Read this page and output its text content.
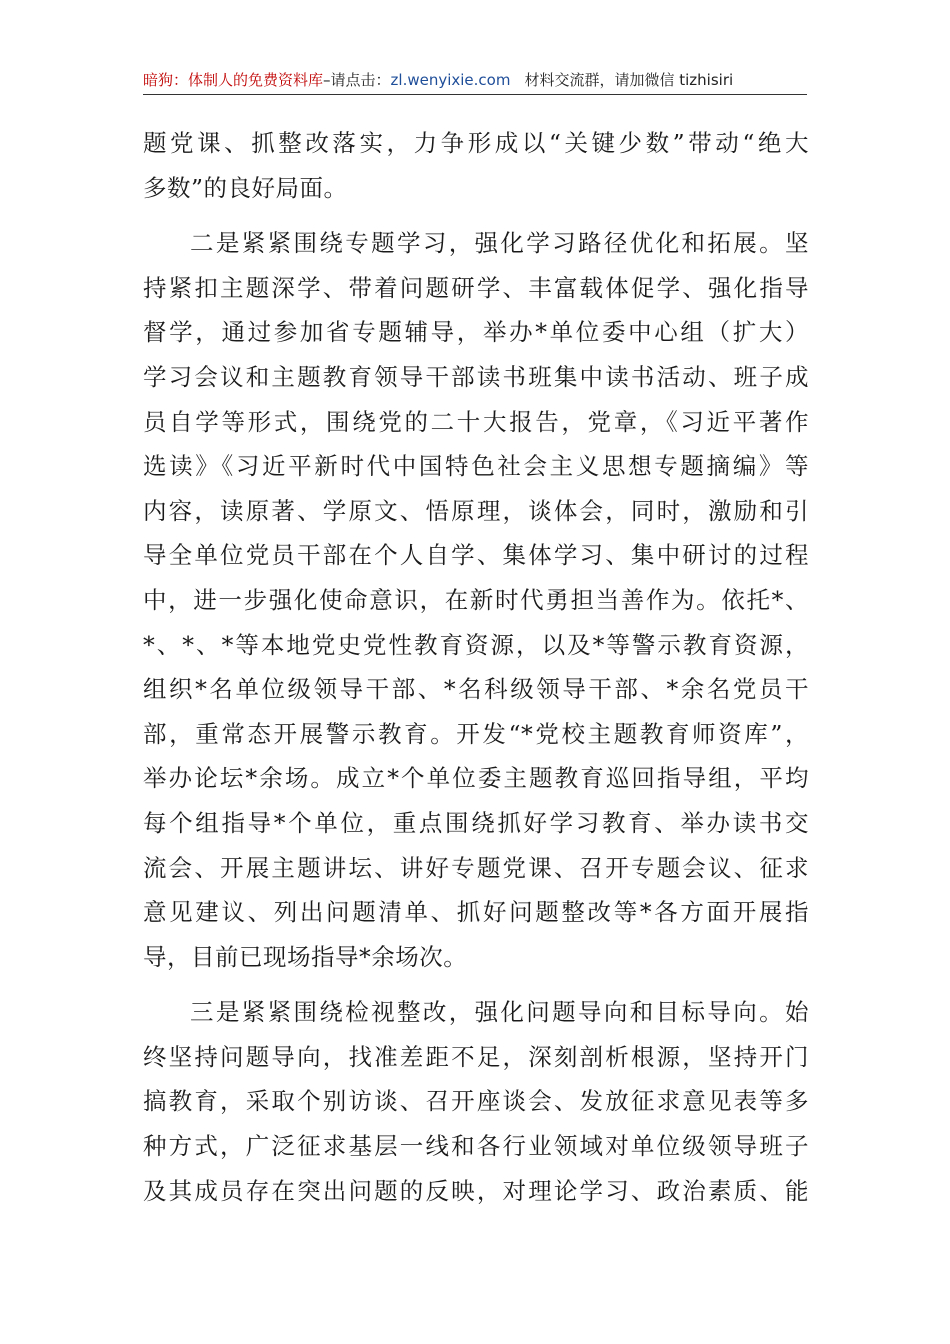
暗狗：体制人的免费资料库–请点击：zl.wenyixie.com 材料交流群，请加微信 tizhisiri
题党课、抓整改落实，力争形成以“关键少数”带动“绝大
多数”的良好局面。
二是紧紧围绕专题学习，强化学习路径优化和拓展。坚
持紧扣主题深学、带着问题研学、丰富载体促学、强化指导
督学，通过参加省专题辅导，举办*单位委中心组（扩大）
学习会议和主题教育领导干部读书班集中读书活动、班子成
员自学等形式，围绕党的二十大报告，党章，《习近平著作
选读》《习近平新时代中国特色社会主义思想专题摘编》等
内容，读原著、学原文、悟原理，谈体会，同时，激励和引
导全单位党员干部在个人自学、集体学习、集中研讨的过程
中，进一步强化使命意识，在新时代勇担当善作为。依托*、
*、*、*等本地党史党性教育资源，以及*等警示教育资源，
组织*名单位级领导干部、*名科级领导干部、*余名党员干
部，重常态开展警示教育。开发“*党校主题教育师资库”，
举办论坛*余场。成立*个单位委主题教育巡回指导组，平均
每个组指导*个单位，重点围绕抓好学习教育、举办读书交
流会、开展主题讲坛、讲好专题党课、召开专题会议、征求
意见建议、列出问题清单、抓好问题整改等*各方面开展指
导，目前已现场指导*余场次。
三是紧紧围绕检视整改，强化问题导向和目标导向。始
终坚持问题导向，找准差距不足，深刻剖析根源，坚持开门
搞教育，采取个别访谈、召开座谈会、发放征求意见表等多
种方式，广泛征求基层一线和各行业领域对单位级领导班子
及其成员存在突出问题的反映，对理论学习、政治素质、能
